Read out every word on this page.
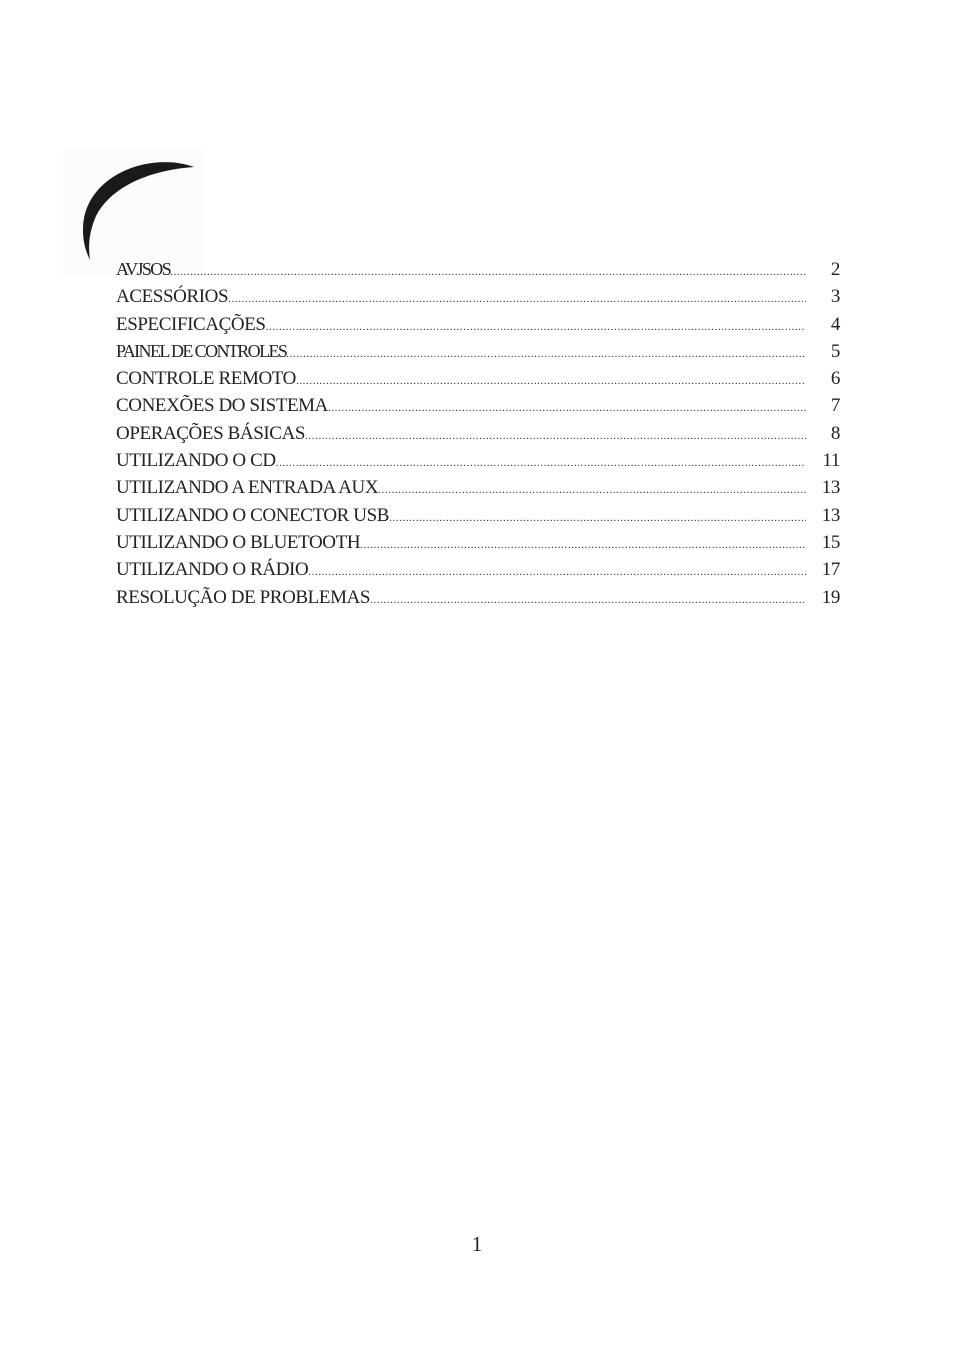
AVJSOS .....	2
ACESSÓRIOS .....	3
ESPECIFICAÇÕES .....	4
PAINEL DE CONTROLES .....	5
CONTROLE REMOTO .....	6
CONEXÕES DO SISTEMA .....	7
OPERAÇÕES BÁSICAS .....	8
UTILIZANDO O CD .....	11
UTILIZANDO A ENTRADA AUX .....	13
UTILIZANDO O CONECTOR USB .....	13
UTILIZANDO O BLUETOOTH .....	15
UTILIZANDO O RÁDIO .....	17
RESOLUÇÃO DE PROBLEMAS .....	19
1
